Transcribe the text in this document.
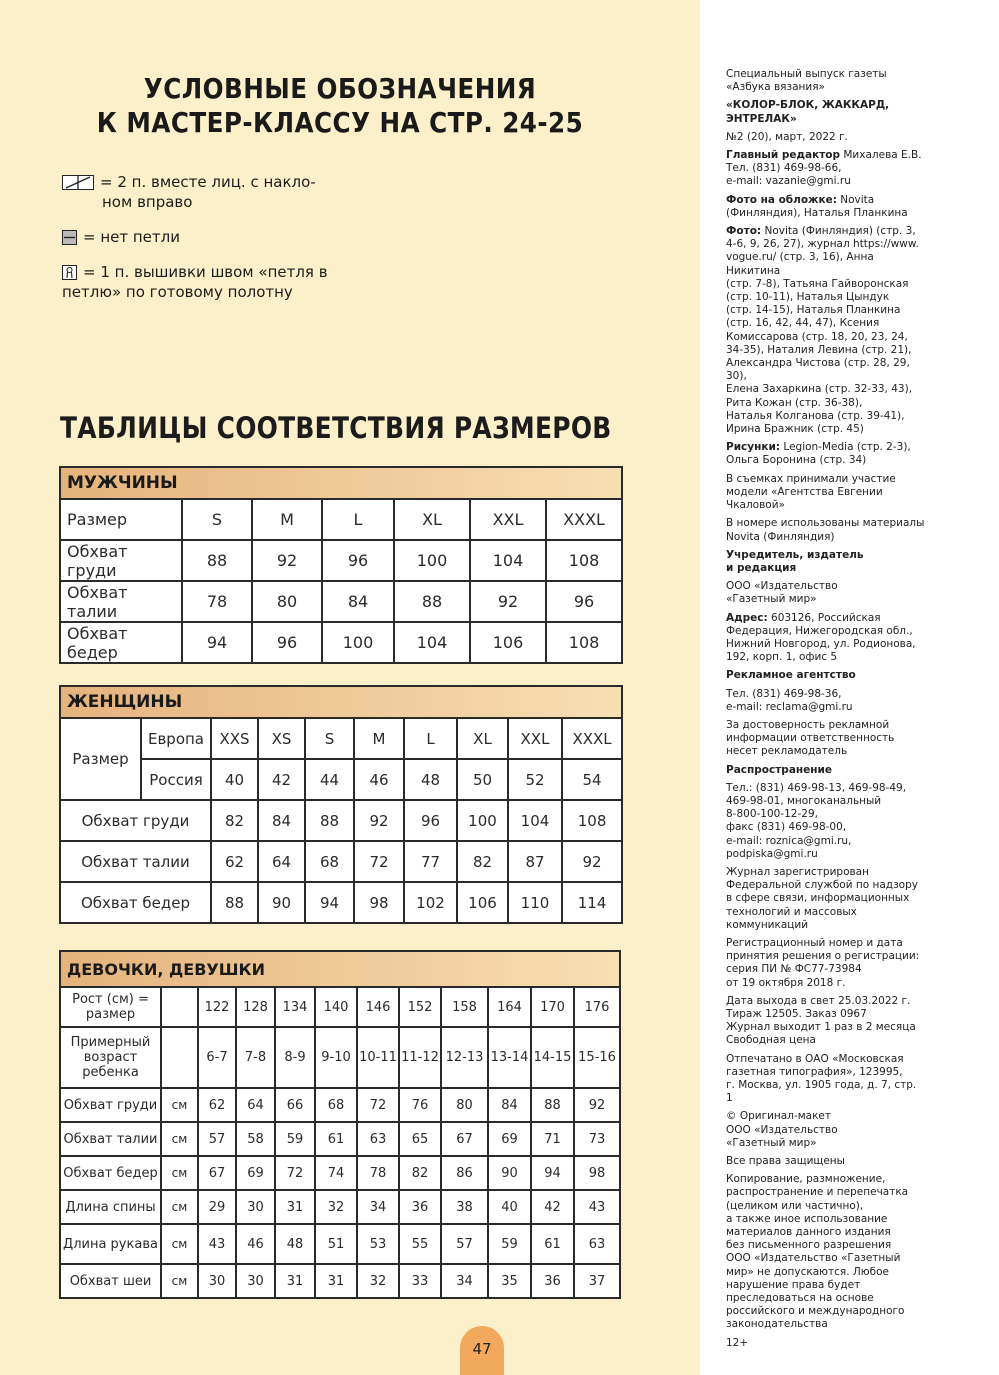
УСЛОВНЫЕ ОБОЗНАЧЕНИЯ
К МАСТЕР-КЛАССУ НА СТР. 24-25
= 2 п. вместе лиц. с накло-
ном вправо
= нет петли
= 1 п. вышивки швом «петля в
петлю» по готовому полотну
ТАБЛИЦЫ СООТВЕТСТВИЯ РАЗМЕРОВ
МУЖЧИНЫ						
Размер	S	M	L	XL	XXL	XXXL
Обхват груди	88	92	96	100	104	108
Обхват талии	78	80	84	88	92	96
Обхват бедер	94	96	100	104	106	108
ЖЕНЩИНЫ									
Размер	Европа	XXS	XS	S	M	L	XL	XXL	XXXL
	Россия	40	42	44	46	48	50	52	54
Обхват груди		82	84	88	92	96	100	104	108
Обхват талии		62	64	68	72	77	82	87	92
Обхват бедер		88	90	94	98	102	106	110	114
ДЕВОЧКИ, ДЕВУШКИ											
Рост (см) = размер		122	128	134	140	146	152	158	164	170	176
Примерный возраст ребенка		6-7	7-8	8-9	9-10	10-11	11-12	12-13	13-14	14-15	15-16
Обхват груди	см	62	64	66	68	72	76	80	84	88	92
Обхват талии	см	57	58	59	61	63	65	67	69	71	73
Обхват бедер	см	67	69	72	74	78	82	86	90	94	98
Длина спины	см	29	30	31	32	34	36	38	40	42	43
Длина рукава	см	43	46	48	51	53	55	57	59	61	63
Обхват шеи	см	30	30	31	31	32	33	34	35	36	37

Специальный выпуск газеты
«Азбука вязания»

«КОЛОР-БЛОК, ЖАККАРД,
ЭНТРЕЛАК»

№2 (20), март, 2022 г.

Главный редактор Михалева Е.В.
Тел. (831) 469-98-66,
e-mail: vazanie@gmi.ru

Фото на обложке: Novita
(Финляндия), Наталья Планкина

Фото: Novita (Финляндия) (стр. 3,
4-6, 9, 26, 27), журнал https://www.
vogue.ru/ (стр. 3, 16), Анна Никитина
(стр. 7-8), Татьяна Гайворонская
(стр. 10-11), Наталья Цындук
(стр. 14-15), Наталья Планкина
(стр. 16, 42, 44, 47), Ксения
Комиссарова (стр. 18, 20, 23, 24,
34-35), Наталия Левина (стр. 21),
Александра Чистова (стр. 28, 29, 30),
Елена Захаркина (стр. 32-33, 43),
Рита Кожан (стр. 36-38),
Наталья Колганова (стр. 39-41),
Ирина Бражник (стр. 45)

Рисунки: Legion-Media (стр. 2-3),
Ольга Боронина (стр. 34)

В съемках принимали участие
модели «Агентства Евгении
Чкаловой»

В номере использованы материалы
Novita (Финляндия)

Учредитель, издатель
и редакция

ООО «Издательство
«Газетный мир»

Адрес: 603126, Российская
Федерация, Нижегородская обл.,
Нижний Новгород, ул. Родионова,
192, корп. 1, офис 5

Рекламное агентство

Тел. (831) 469-98-36,
e-mail: reclama@gmi.ru

За достоверность рекламной
информации ответственность
несет рекламодатель

Распространение

Тел.: (831) 469-98-13, 469-98-49,
469-98-01, многоканальный
8-800-100-12-29,
факс (831) 469-98-00,
e-mail: roznica@gmi.ru,
podpiska@gmi.ru

Журнал зарегистрирован
Федеральной службой по надзору
в сфере связи, информационных
технологий и массовых
коммуникаций

Регистрационный номер и дата
принятия решения о регистрации:
серия ПИ № ФС77-73984
от 19 октября 2018 г.

Дата выхода в свет 25.03.2022 г.
Тираж 12505. Заказ 0967
Журнал выходит 1 раз в 2 месяца
Свободная цена

Отпечатано в ОАО «Московская
газетная типография», 123995,
г. Москва, ул. 1905 года, д. 7, стр. 1

© Оригинал-макет
ООО «Издательство
«Газетный мир»

Все права защищены

Копирование, размножение,
распространение и перепечатка
(целиком или частично),
а также иное использование
материалов данного издания
без письменного разрешения
ООО «Издательство «Газетный
мир» не допускаются. Любое
нарушение права будет
преследоваться на основе
российского и международного
законодательства

12+

47
